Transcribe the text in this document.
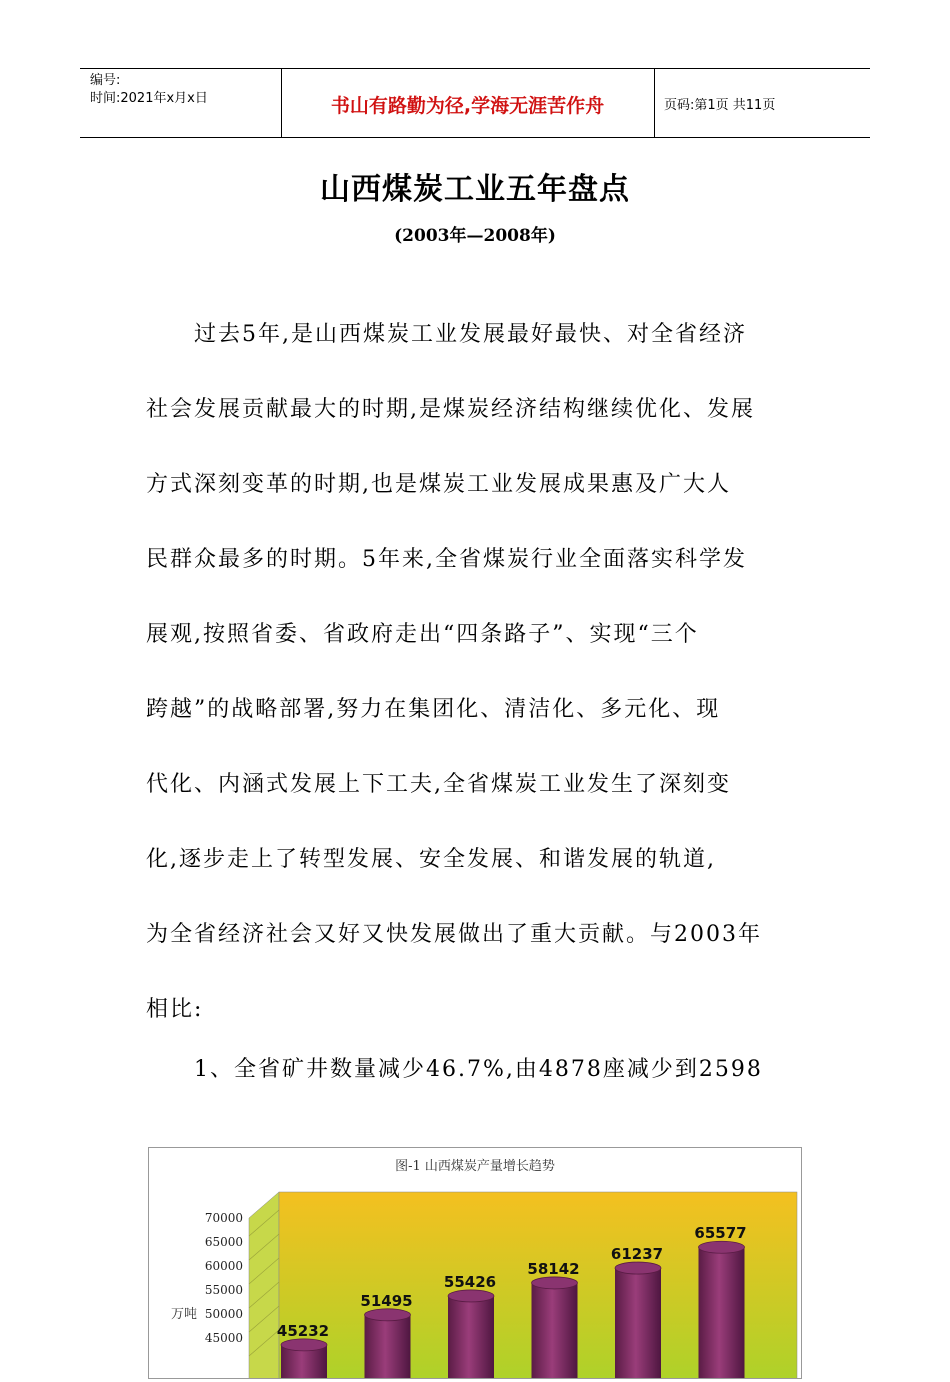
编号:
时间:2021年x月x日	书山有路勤为径,学海无涯苦作舟	页码:第1页 共11页
山西煤炭工业五年盘点
(2003年—2008年)
过去5年,是山西煤炭工业发展最好最快、对全省经济
社会发展贡献最大的时期,是煤炭经济结构继续优化、发展
方式深刻变革的时期,也是煤炭工业发展成果惠及广大人
民群众最多的时期。5年来,全省煤炭行业全面落实科学发
展观,按照省委、省政府走出“四条路子”、实现“三个
跨越”的战略部署,努力在集团化、清洁化、多元化、现
代化、内涵式发展上下工夫,全省煤炭工业发生了深刻变
化,逐步走上了转型发展、安全发展、和谐发展的轨道,
为全省经济社会又好又快发展做出了重大贡献。与2003年
相比:
1、全省矿井数量减少46.7%,由4878座减少到2598
图-1 山西煤炭产量增长趋势
70000
65000
60000
55000
50000
45000
万吨
45232
51495
55426
58142
61237
65577
